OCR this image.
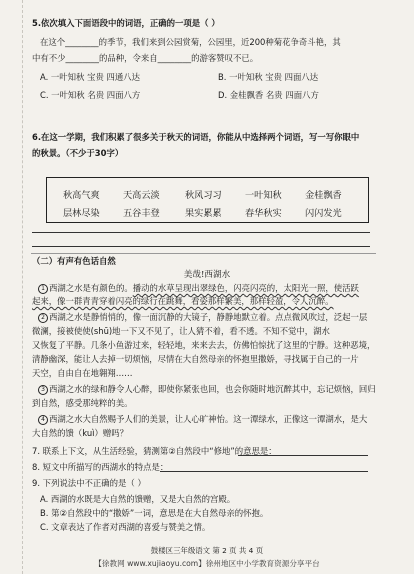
5.依次填入下面语段中的词语，正确的一项是（ ）
在这个________的季节，我们来到公园赏菊，公园里，近200种菊花争奇斗艳，其
中有不少________的品种，令来自________的游客赞叹不已。
A. 一叶知秋 宝贵 四通八达	B. 一叶知秋 宝贵 四面八达
C. 一叶知秋 名贵 四面八方	D. 金桂飘香 名贵 四面八方
6.在这一学期，我们积累了很多关于秋天的词语，你能从中选择两个词语，写一写你眼中
的秋景。（不少于30字）
秋高气爽	天高云淡	秋风习习	一叶知秋	金桂飘香
层林尽染	五谷丰登	果实累累	春华秋实	闪闪发光
（二）有声有色话自然
美哉!西湖水
1 西湖之水是有颜色的。播动的水草呈现出翠绿色，闪亮闪亮的，太阳光一照，使活跃
起来，像一群青青穿着闪亮的绿行在跳舞，看姿那样繁美，那样轻盈，令人沉醉。
2 西湖之水是静悄悄的，像一面沉静的大镜子，静静地默立着。点点微风吹过，泛起一层
微澜，接被使使(shū)地一下又不见了，让人猜不着，看不透。不知不觉中，湖水
又恢复了平静。几条小鱼游过来，轻轻地，来来去去，仿佛怕惊扰了这里的宁静。这种恶境，
清静幽深，能让人去掉一切烦恼，尽情在大自然母亲的怀抱里撒娇，寻找属于自己的一片
天空，自由自在地翱翔……
3 西湖之水的绿和静令人心醉，即使你紧张也回，也会你随时地沉醉其中，忘记烦恼，回归
到自然，感受那纯粹的美。
4 西湖之水大自然赐予人们的美景，让人心旷神怡。这一潭绿水，正像这一潭湖水，是大
大自然的馈（kuì）赠吗？
7. 联系上下文，从生活经验，猜测第②自然段中“修地”的意思是：
8. 短文中所描写的西湖水的特点是：
9. 下列说法中不正确的是（ ）
A. 西湖的水既是大自然的馈赠，又是大自然的宫殿。
B. 第②自然段中的“撒娇”一词，意思是在大自然母亲的怀抱。
C. 文章表达了作者对西湖的喜爱与赞美之情。
鼓楼区三年级语文 第 2 页 共 4 页
【徐教网 www.xujiaoyu.com】徐州地区中小学教育资源分享平台
